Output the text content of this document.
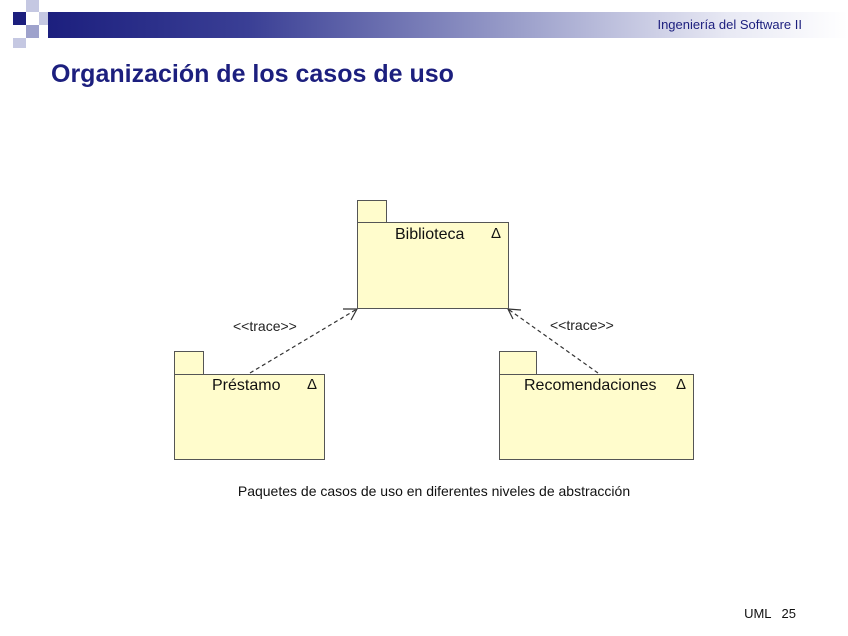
Ingeniería del Software II
Organización de los casos de uso
Biblioteca Δ
Préstamo Δ	Recomendaciones Δ
<<trace>>	<<trace>>
Paquetes de casos de uso en diferentes niveles de abstracción
UML 25
